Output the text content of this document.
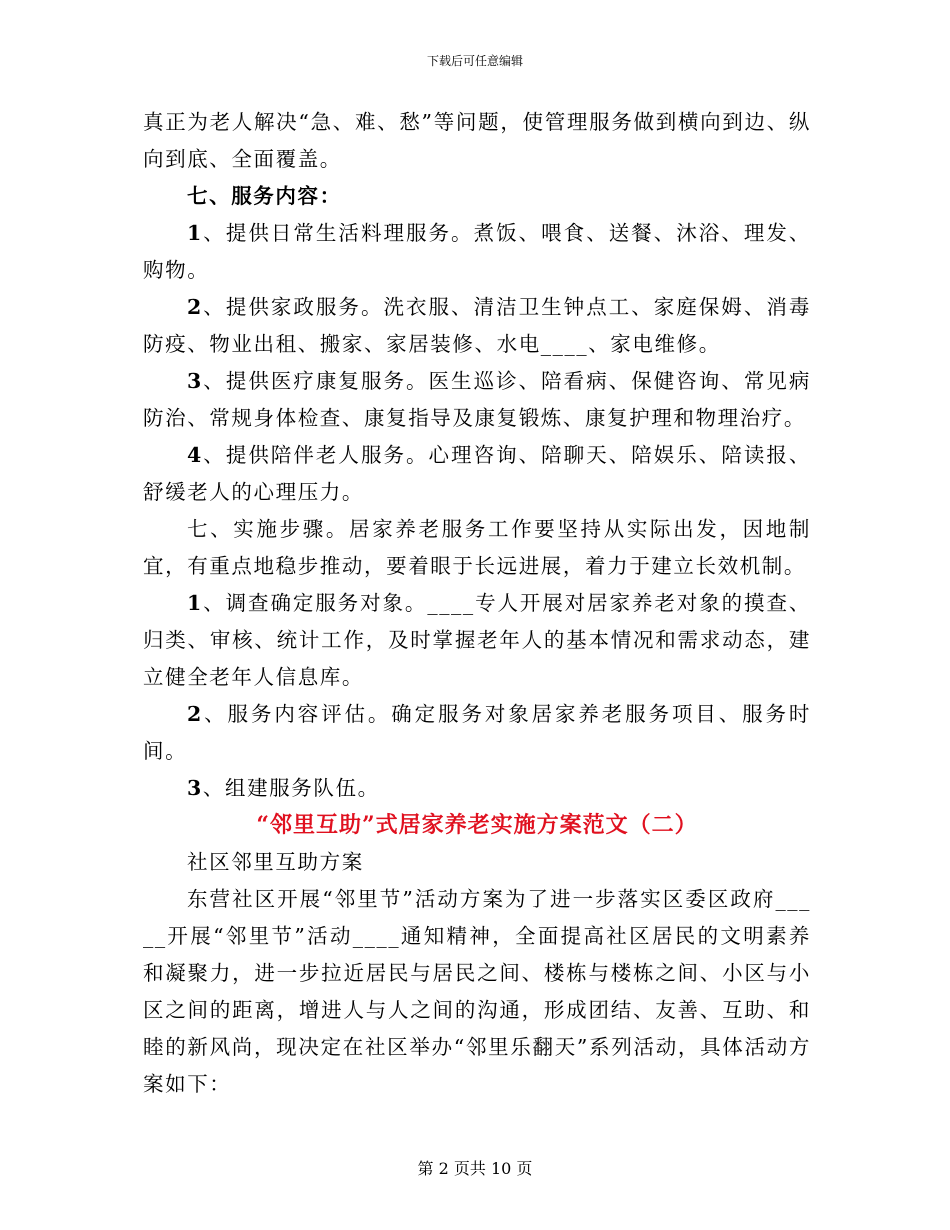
下载后可任意编辑

真正为老人解决“急、难、愁”等问题，使管理服务做到横向到边、纵向到底、全面覆盖。

七、服务内容：

1、提供日常生活料理服务。煮饭、喂食、送餐、沐浴、理发、购物。

2、提供家政服务。洗衣服、清洁卫生钟点工、家庭保姆、消毒防疫、物业出租、搬家、家居装修、水电____、家电维修。

3、提供医疗康复服务。医生巡诊、陪看病、保健咨询、常见病防治、常规身体检查、康复指导及康复锻炼、康复护理和物理治疗。

4、提供陪伴老人服务。心理咨询、陪聊天、陪娱乐、陪读报、舒缓老人的心理压力。

七、实施步骤。居家养老服务工作要坚持从实际出发，因地制宜，有重点地稳步推动，要着眼于长远进展，着力于建立长效机制。

1、调查确定服务对象。____专人开展对居家养老对象的摸查、归类、审核、统计工作，及时掌握老年人的基本情况和需求动态，建立健全老年人信息库。

2、服务内容评估。确定服务对象居家养老服务项目、服务时间。

3、组建服务队伍。

“邻里互助”式居家养老实施方案范文（二）

社区邻里互助方案

东营社区开展“邻里节”活动方案为了进一步落实区委区政府_____开展“邻里节”活动____通知精神，全面提高社区居民的文明素养和凝聚力，进一步拉近居民与居民之间、楼栋与楼栋之间、小区与小区之间的距离，增进人与人之间的沟通，形成团结、友善、互助、和睦的新风尚，现决定在社区举办“邻里乐翻天”系列活动，具体活动方案如下：

第 2 页共 10 页
